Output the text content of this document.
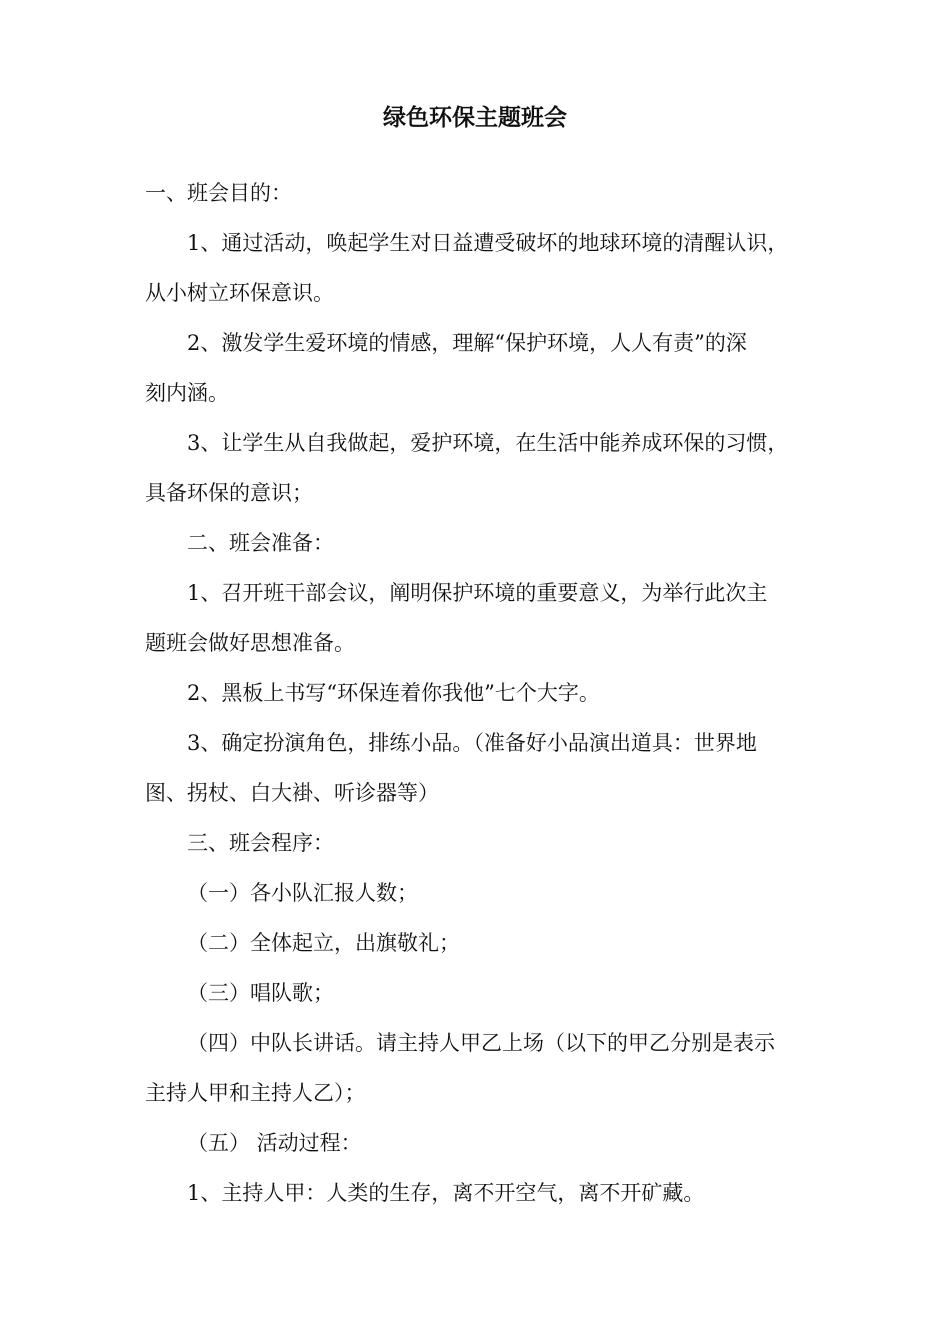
绿色环保主题班会
一、班会目的：
1、通过活动，唤起学生对日益遭受破坏的地球环境的清醒认识，
从小树立环保意识。
2、激发学生爱环境的情感，理解“保护环境，人人有责”的深
刻内涵。
3、让学生从自我做起，爱护环境，在生活中能养成环保的习惯，
具备环保的意识；
二、班会准备：
1、召开班干部会议，阐明保护环境的重要意义，为举行此次主
题班会做好思想准备。
2、黑板上书写“环保连着你我他”七个大字。
3、确定扮演角色，排练小品。（准备好小品演出道具：世界地
图、拐杖、白大褂、听诊器等）
三、班会程序：
（一）各小队汇报人数；
（二）全体起立，出旗敬礼；
（三）唱队歌；
（四）中队长讲话。请主持人甲乙上场（以下的甲乙分别是表示
主持人甲和主持人乙）；
（五） 活动过程：
1、主持人甲：人类的生存，离不开空气，离不开矿藏。
